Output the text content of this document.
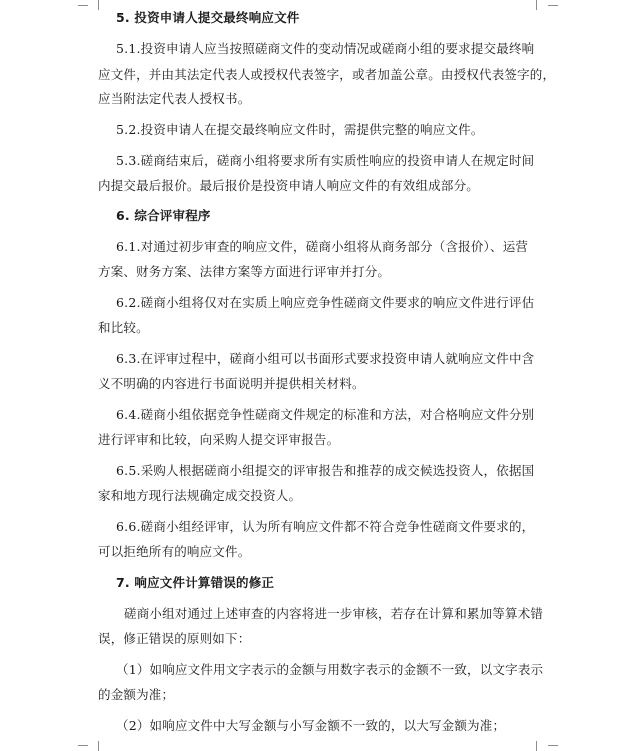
5. 投资申请人提交最终响应文件
5.1.投资申请人应当按照磋商文件的变动情况或磋商小组的要求提交最终响
应文件，并由其法定代表人或授权代表签字，或者加盖公章。由授权代表签字的，
应当附法定代表人授权书。
5.2.投资申请人在提交最终响应文件时，需提供完整的响应文件。
5.3.磋商结束后，磋商小组将要求所有实质性响应的投资申请人在规定时间
内提交最后报价。最后报价是投资申请人响应文件的有效组成部分。
6. 综合评审程序
6.1.对通过初步审查的响应文件，磋商小组将从商务部分（含报价）、运营
方案、财务方案、法律方案等方面进行评审并打分。
6.2.磋商小组将仅对在实质上响应竞争性磋商文件要求的响应文件进行评估
和比较。
6.3.在评审过程中，磋商小组可以书面形式要求投资申请人就响应文件中含
义不明确的内容进行书面说明并提供相关材料。
6.4.磋商小组依据竞争性磋商文件规定的标准和方法，对合格响应文件分别
进行评审和比较，向采购人提交评审报告。
6.5.采购人根据磋商小组提交的评审报告和推荐的成交候选投资人，依据国
家和地方现行法规确定成交投资人。
6.6.磋商小组经评审，认为所有响应文件都不符合竞争性磋商文件要求的，
可以拒绝所有的响应文件。
7. 响应文件计算错误的修正
磋商小组对通过上述审查的内容将进一步审核，若存在计算和累加等算术错
误，修正错误的原则如下：
（1）如响应文件用文字表示的金额与用数字表示的金额不一致，以文字表示
的金额为准；
（2）如响应文件中大写金额与小写金额不一致的，以大写金额为准；
